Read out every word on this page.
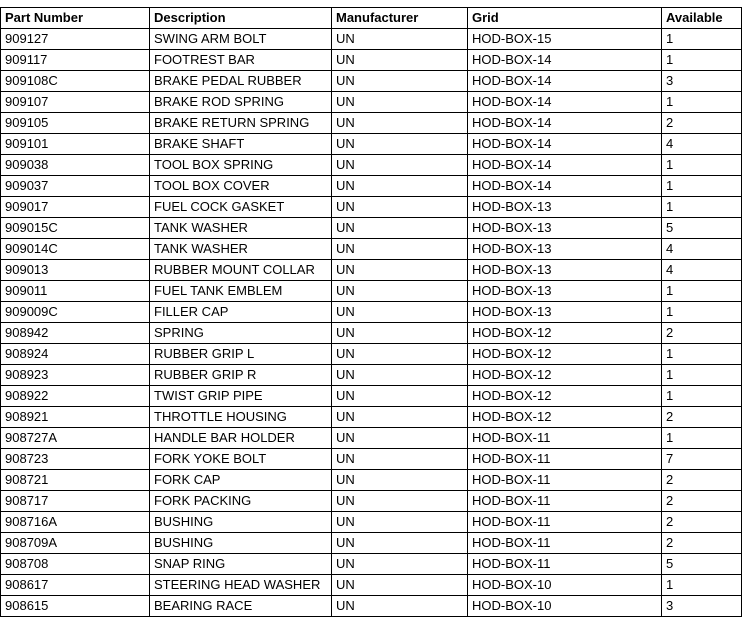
Part Number	Description	Manufacturer	Grid	Available
909127	SWING ARM BOLT	UN	HOD-BOX-15	1
909117	FOOTREST BAR	UN	HOD-BOX-14	1
909108C	BRAKE PEDAL RUBBER	UN	HOD-BOX-14	3
909107	BRAKE ROD SPRING	UN	HOD-BOX-14	1
909105	BRAKE RETURN SPRING	UN	HOD-BOX-14	2
909101	BRAKE SHAFT	UN	HOD-BOX-14	4
909038	TOOL BOX SPRING	UN	HOD-BOX-14	1
909037	TOOL BOX COVER	UN	HOD-BOX-14	1
909017	FUEL COCK GASKET	UN	HOD-BOX-13	1
909015C	TANK WASHER	UN	HOD-BOX-13	5
909014C	TANK WASHER	UN	HOD-BOX-13	4
909013	RUBBER MOUNT COLLAR	UN	HOD-BOX-13	4
909011	FUEL TANK EMBLEM	UN	HOD-BOX-13	1
909009C	FILLER CAP	UN	HOD-BOX-13	1
908942	SPRING	UN	HOD-BOX-12	2
908924	RUBBER GRIP L	UN	HOD-BOX-12	1
908923	RUBBER GRIP R	UN	HOD-BOX-12	1
908922	TWIST GRIP PIPE	UN	HOD-BOX-12	1
908921	THROTTLE HOUSING	UN	HOD-BOX-12	2
908727A	HANDLE BAR HOLDER	UN	HOD-BOX-11	1
908723	FORK YOKE BOLT	UN	HOD-BOX-11	7
908721	FORK CAP	UN	HOD-BOX-11	2
908717	FORK PACKING	UN	HOD-BOX-11	2
908716A	BUSHING	UN	HOD-BOX-11	2
908709A	BUSHING	UN	HOD-BOX-11	2
908708	SNAP RING	UN	HOD-BOX-11	5
908617	STEERING HEAD WASHER	UN	HOD-BOX-10	1
908615	BEARING RACE	UN	HOD-BOX-10	3
